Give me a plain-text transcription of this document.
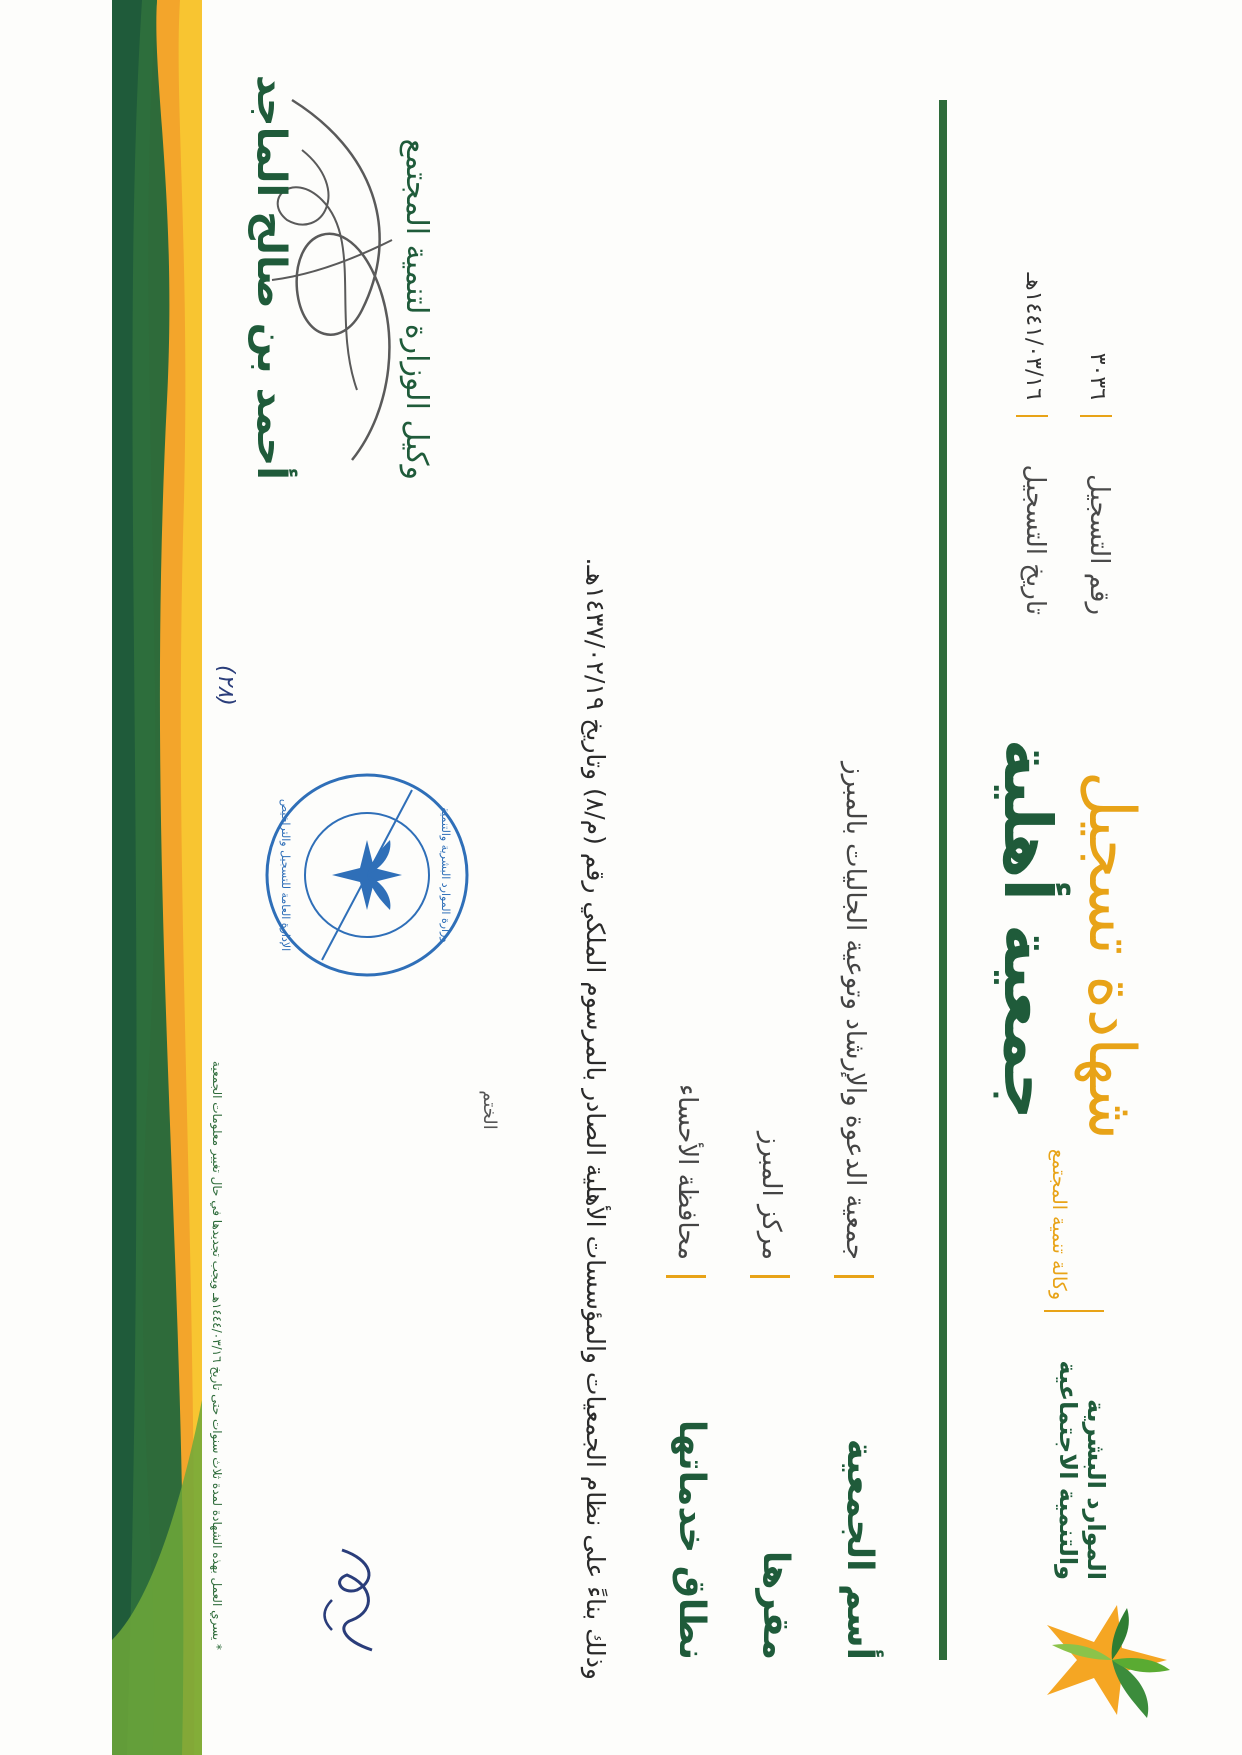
الموارد البشرية
والتنمية الاجتماعية
وكالة تنمية المجتمع
شهادة تسجيل
جمعية أهلية
رقم التسجيل
٣٠٣٦
تاريخ التسجيل
١٤٤١/٠٣/١٦هـ
أسم الجمعية
جمعية الدعوة والإرشاد وتوعية الجاليات بالمبرز
مقرها
مركز المبرز
نطاق خدماتها
محافظة الأحساء
وذلك بناءً على نظام الجمعيات والمؤسسات الأهلية الصادر بالمرسوم الملكي رقم (م/٨) وتاريخ ١٤٣٧/٠٢/١٩هـ.
الختم
وزارة الموارد البشرية والتنمية
الإدارة العامة للتسجيل والتراخيص
وكيل الوزارة لتنمية المجتمع
أحمد بن صالح الماجد
(٢٨)
* يسري العمل بهذه الشهادة لمدة ثلاث سنوات حتى تاريخ ١٤٤٤/٠٣/١٦هـ ويجب تجديدها في حال تغيير معلومات الجمعية
